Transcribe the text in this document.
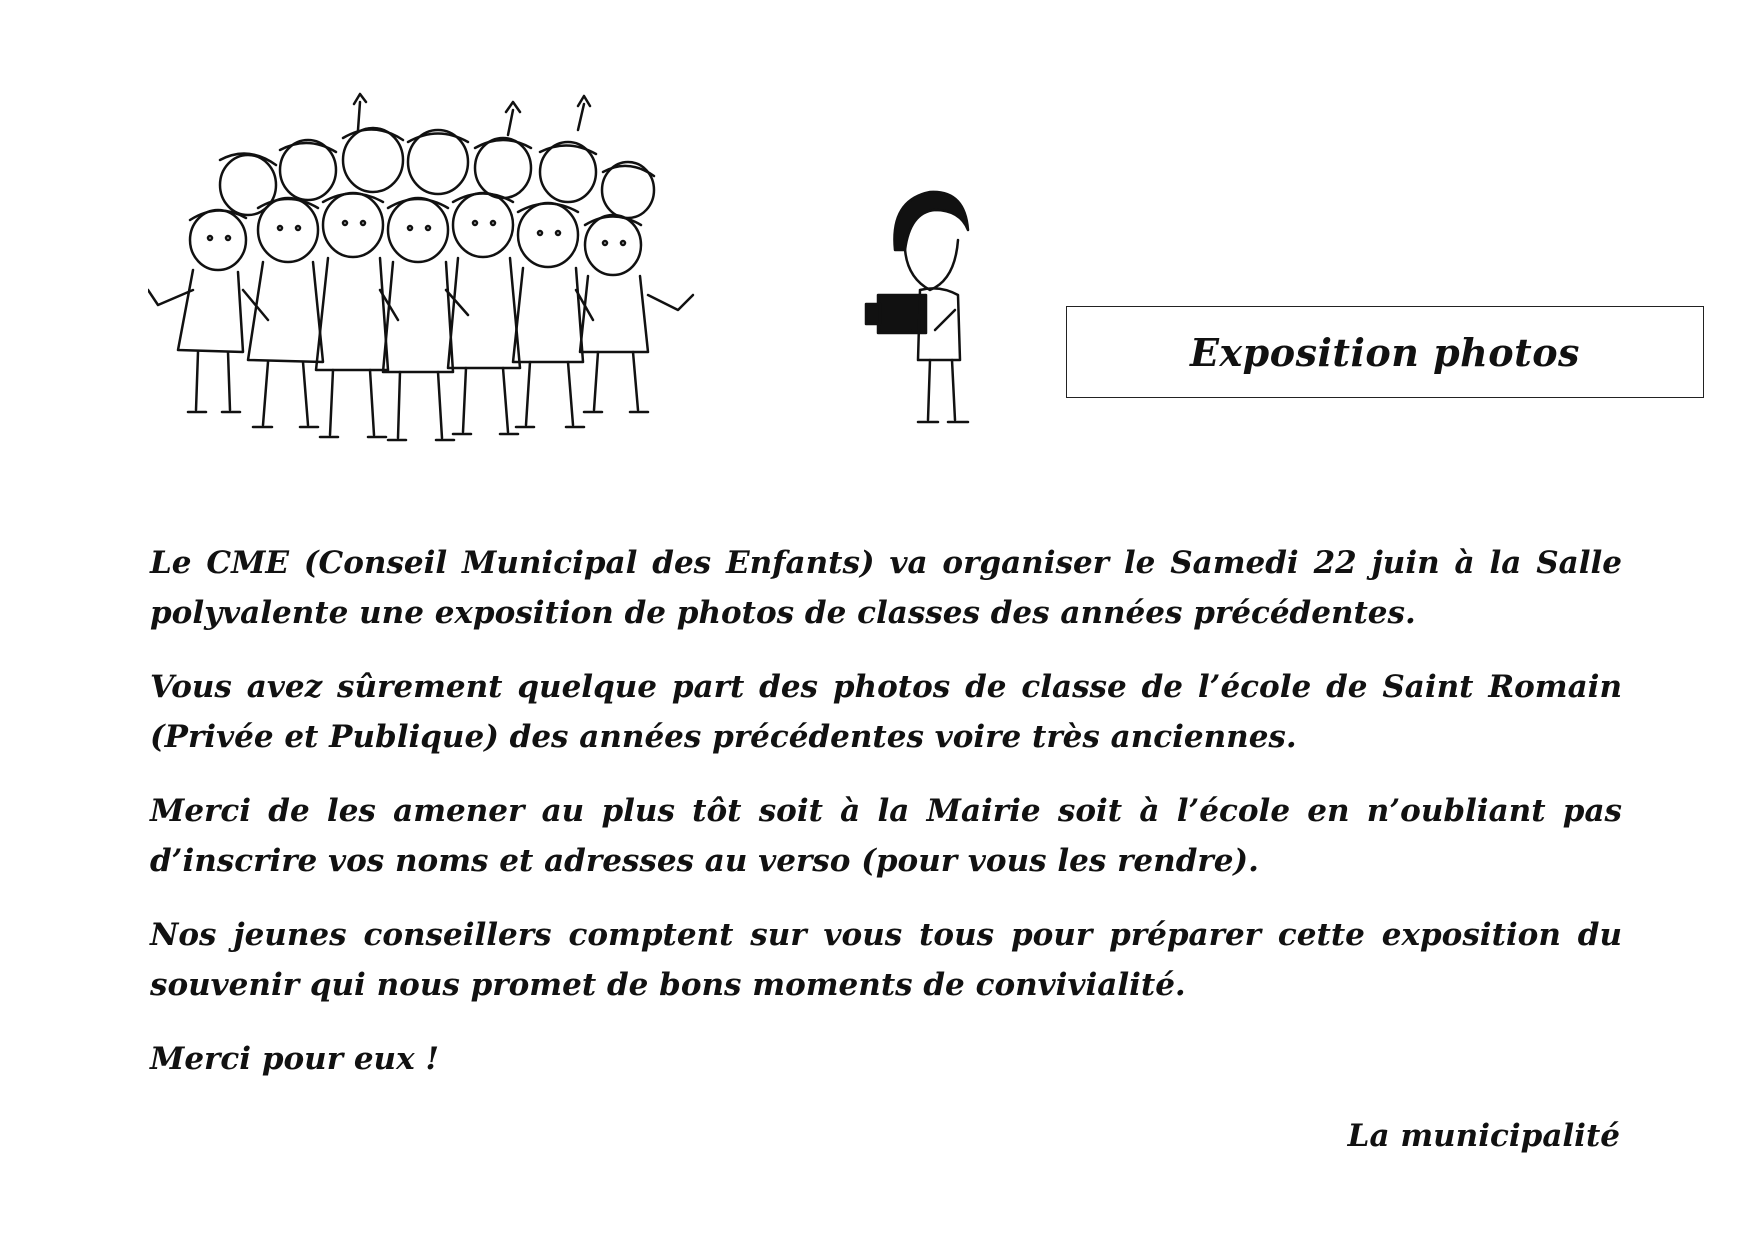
Exposition photos

Le CME (Conseil Municipal des Enfants) va organiser le Samedi 22 juin à la Salle polyvalente une exposition de photos de classes des années précédentes.

Vous avez sûrement quelque part des photos de classe de l’école de Saint Romain (Privée et Publique) des années précédentes voire très anciennes.

Merci de les amener au plus tôt soit à la Mairie soit à l’école en n’oubliant pas d’inscrire vos noms et adresses au verso (pour vous les rendre).

Nos jeunes conseillers comptent sur vous tous pour préparer cette exposition du souvenir qui nous promet de bons moments de convivialité.

Merci pour eux !

La municipalité
